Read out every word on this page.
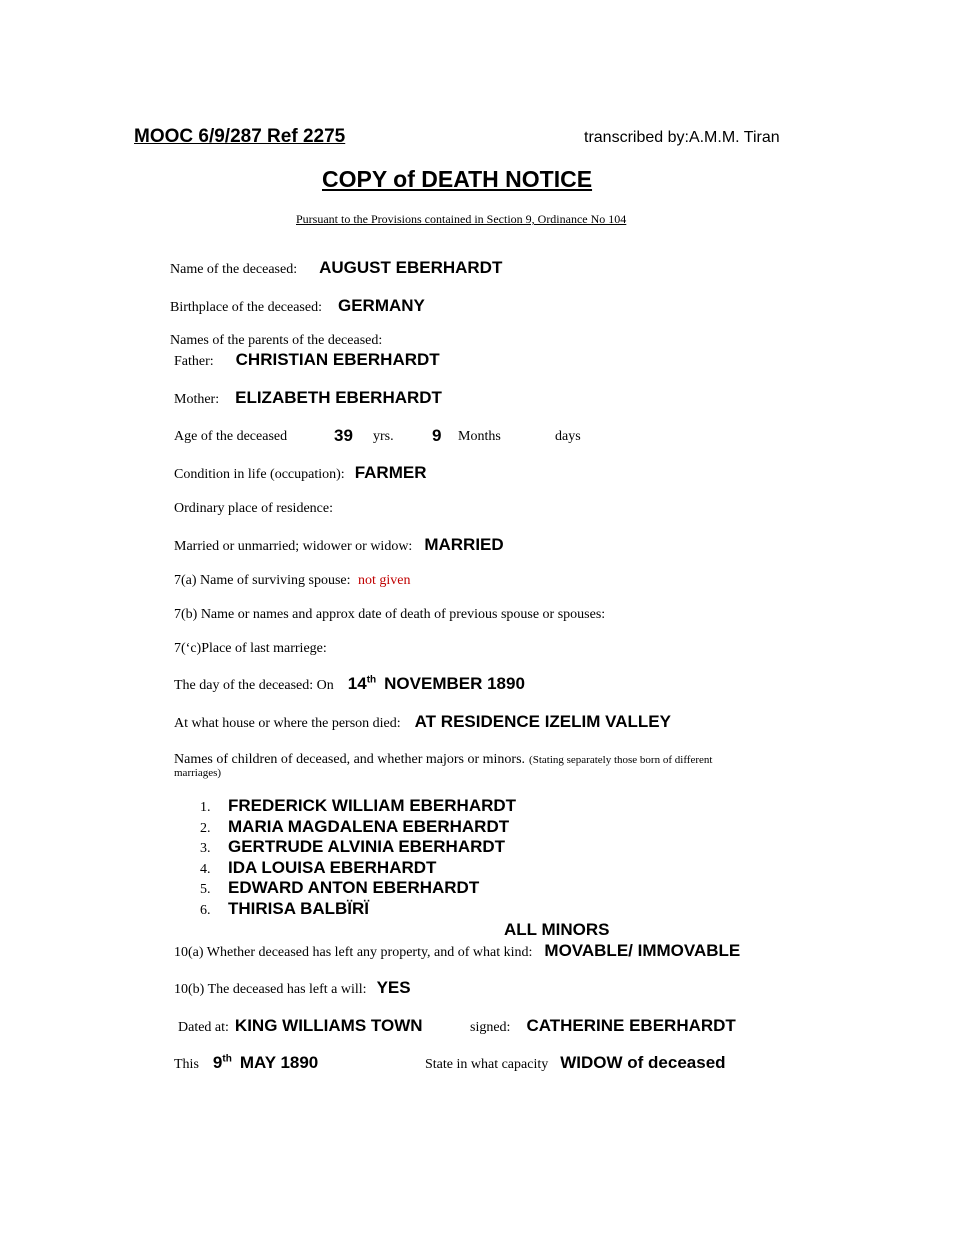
MOOC 6/9/287 Ref 2275	transcribed by:A.M.M. Tiran
COPY of DEATH NOTICE
Pursuant to the Provisions contained in Section 9, Ordinance No 104
Name of the deceased: AUGUST EBERHARDT
Birthplace of the deceased: GERMANY
Names of the parents of the deceased:
Father: CHRISTIAN EBERHARDT
Mother: ELIZABETH EBERHARDT
Age of the deceased	39 yrs. 9 Months	days
Condition in life (occupation): FARMER
Ordinary place of residence:
Married or unmarried; widower or widow: MARRIED
7(a) Name of surviving spouse: not given
7(b) Name or names and approx date of death of previous spouse or spouses:
7(‘c)Place of last marriege:
The day of the deceased: On 14th NOVEMBER 1890
At what house or where the person died: AT RESIDENCE IZELIM VALLEY
Names of children of deceased, and whether majors or minors. (Stating separately those born of different
marriages)
1. FREDERICK WILLIAM EBERHARDT
2. MARIA MAGDALENA EBERHARDT
3. GERTRUDE ALVINIA EBERHARDT
4. IDA LOUISA EBERHARDT
5. EDWARD ANTON EBERHARDT
6. THIRISA BALBÏRÏ
ALL MINORS
10(a) Whether deceased has left any property, and of what kind: MOVABLE/ IMMOVABLE
10(b) The deceased has left a will: YES
Dated at: KING WILLIAMS TOWN	signed: CATHERINE EBERHARDT
This 9th MAY 1890	State in what capacity WIDOW of deceased
